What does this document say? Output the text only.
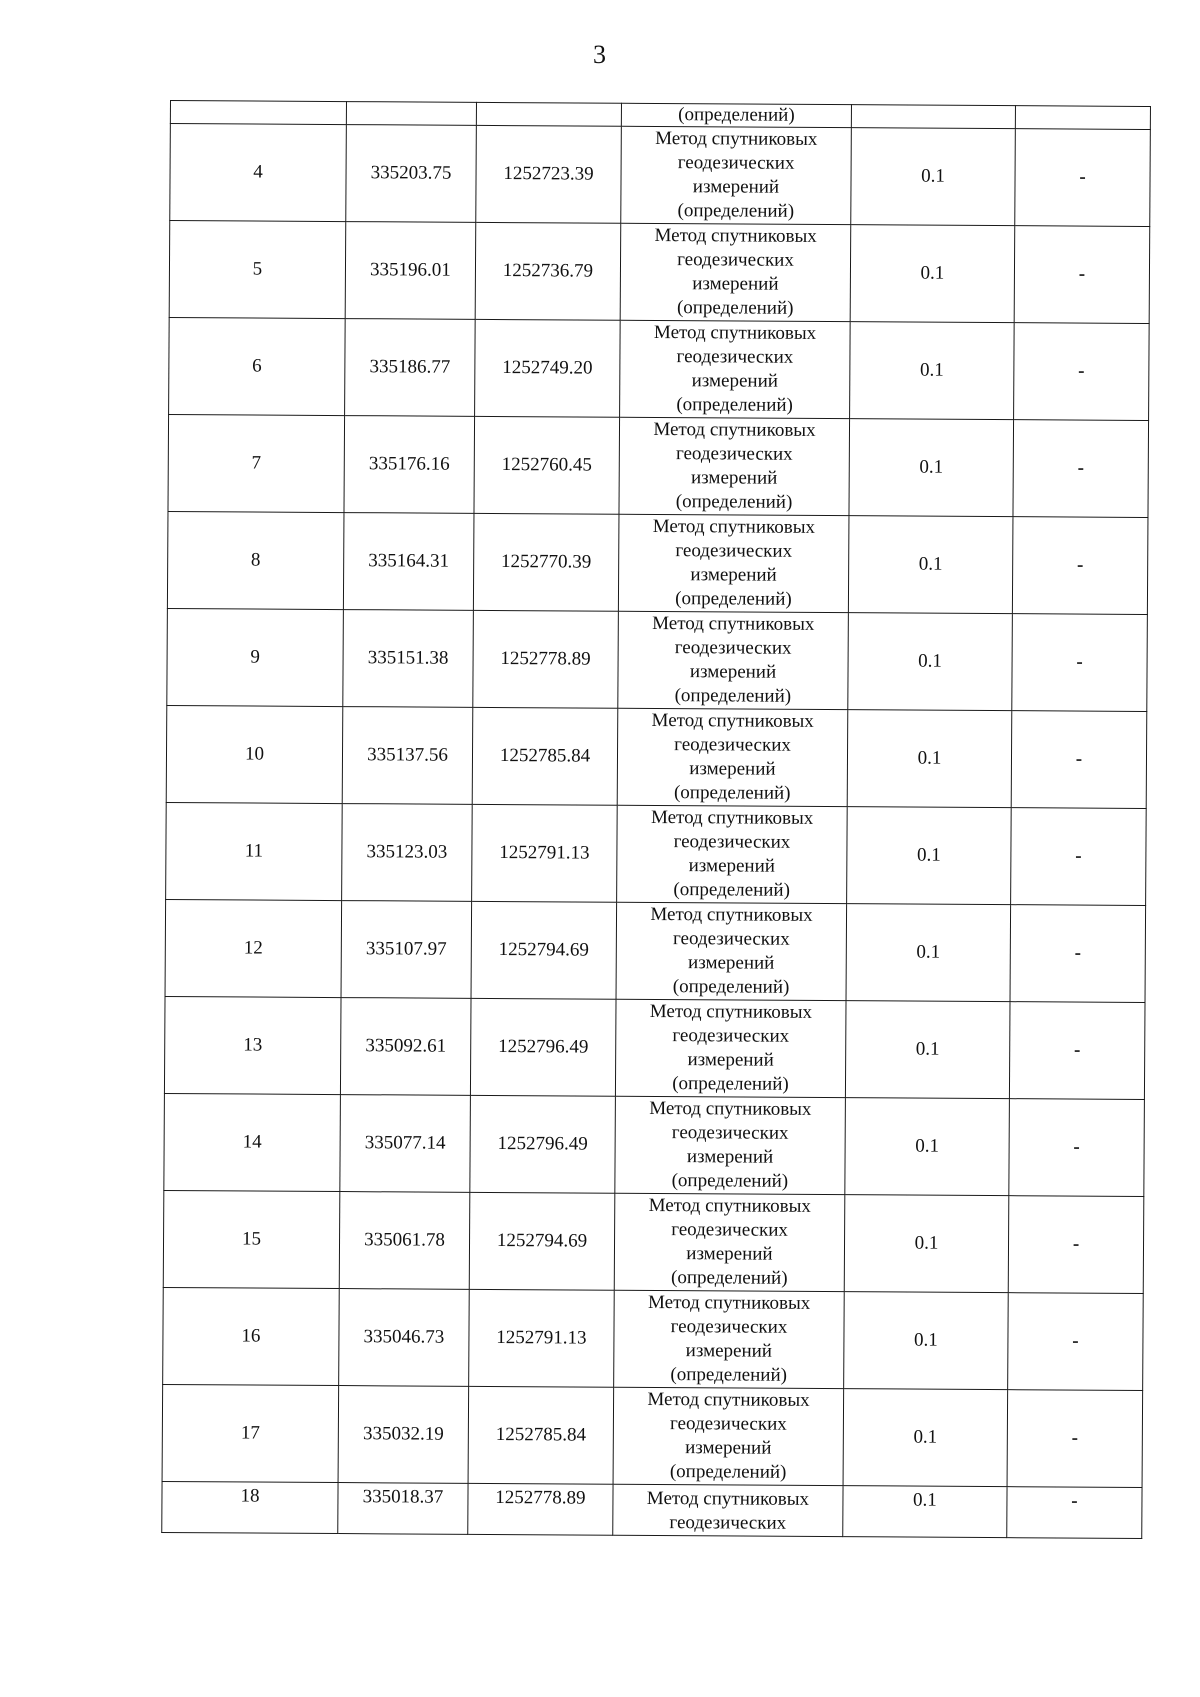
3

			(определений)		

4	335203.75	1252723.39	Метод спутниковых
геодезических
измерений
(определений)	0.1	-
5	335196.01	1252736.79	Метод спутниковых
геодезических
измерений
(определений)	0.1	-
6	335186.77	1252749.20	Метод спутниковых
геодезических
измерений
(определений)	0.1	-
7	335176.16	1252760.45	Метод спутниковых
геодезических
измерений
(определений)	0.1	-
8	335164.31	1252770.39	Метод спутниковых
геодезических
измерений
(определений)	0.1	-
9	335151.38	1252778.89	Метод спутниковых
геодезических
измерений
(определений)	0.1	-
10	335137.56	1252785.84	Метод спутниковых
геодезических
измерений
(определений)	0.1	-
11	335123.03	1252791.13	Метод спутниковых
геодезических
измерений
(определений)	0.1	-
12	335107.97	1252794.69	Метод спутниковых
геодезических
измерений
(определений)	0.1	-
13	335092.61	1252796.49	Метод спутниковых
геодезических
измерений
(определений)	0.1	-
14	335077.14	1252796.49	Метод спутниковых
геодезических
измерений
(определений)	0.1	-
15	335061.78	1252794.69	Метод спутниковых
геодезических
измерений
(определений)	0.1	-
16	335046.73	1252791.13	Метод спутниковых
геодезических
измерений
(определений)	0.1	-
17	335032.19	1252785.84	Метод спутниковых
геодезических
измерений
(определений)	0.1	-
18	335018.37	1252778.89	Метод спутниковых
геодезических	0.1	-
